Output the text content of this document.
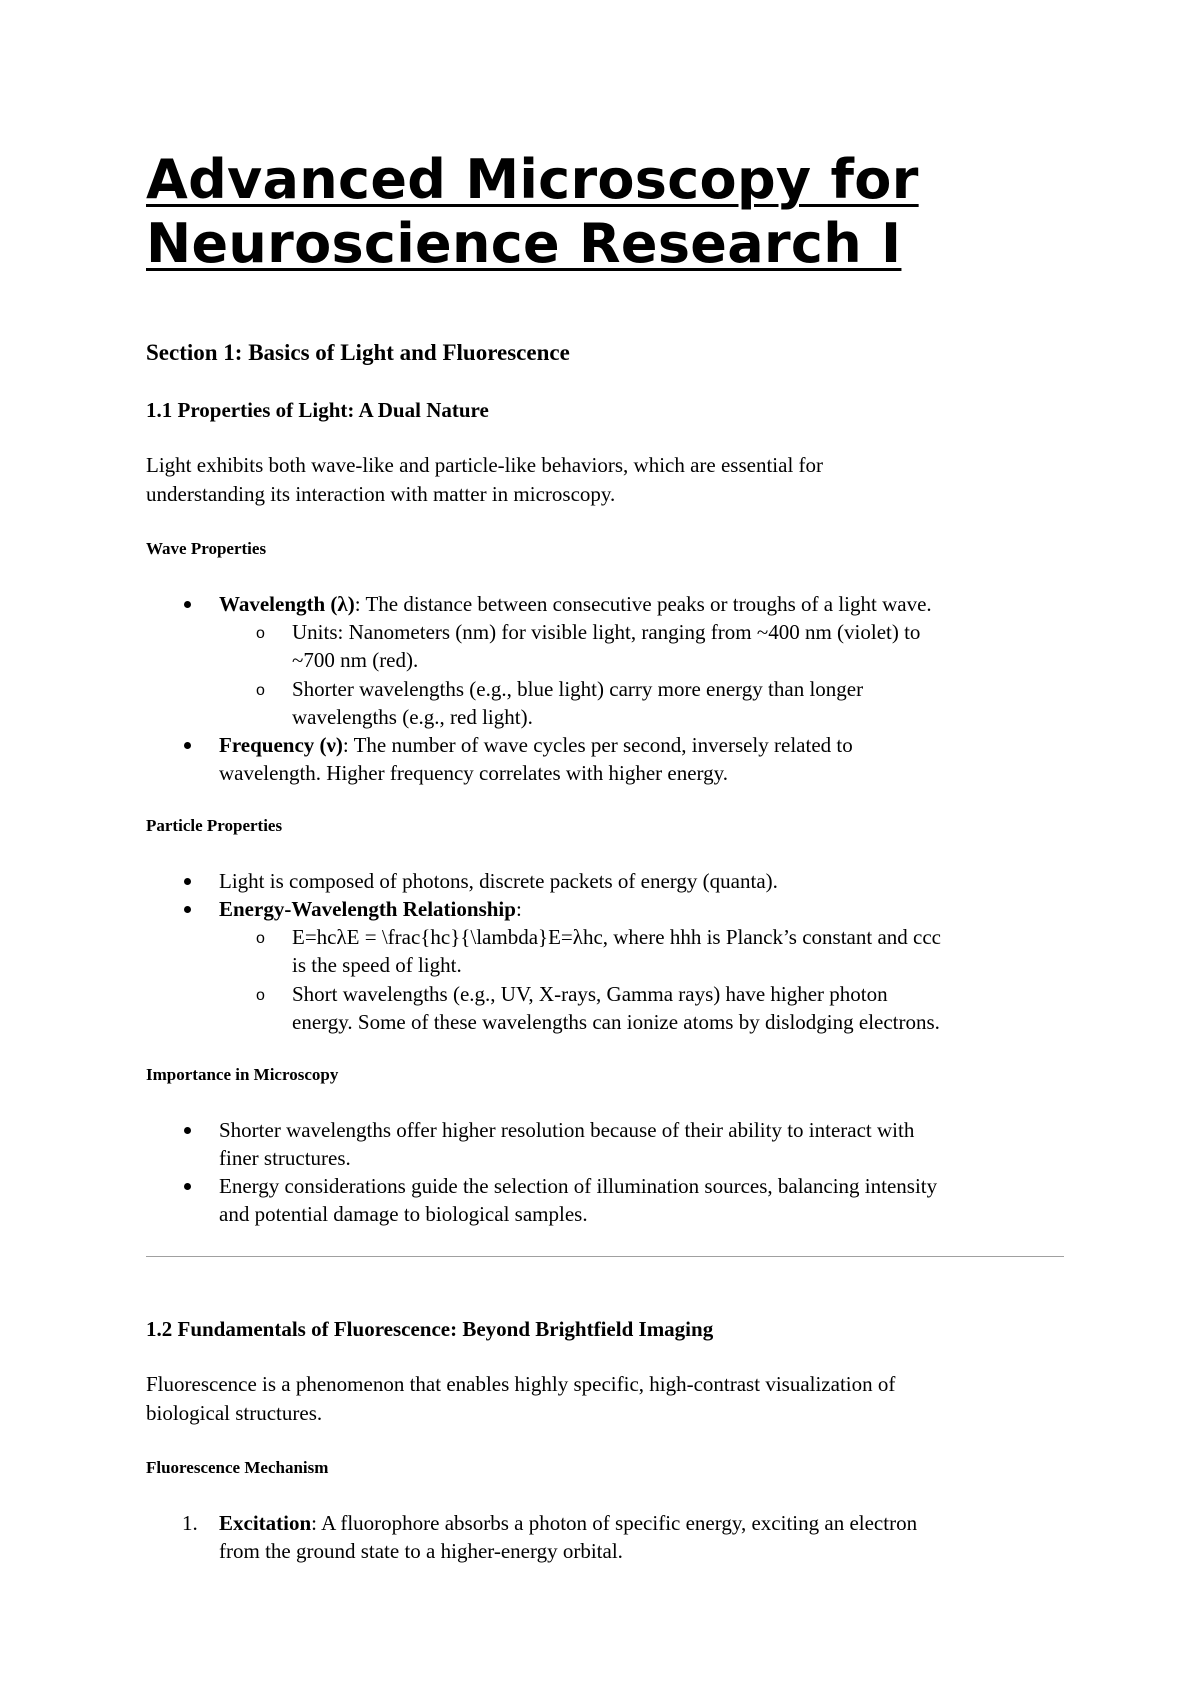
Advanced Microscopy for
Neuroscience Research I
Section 1: Basics of Light and Fluorescence
1.1 Properties of Light: A Dual Nature

Light exhibits both wave-like and particle-like behaviors, which are essential for
understanding its interaction with matter in microscopy.

Wave Properties
Wavelength (λ): The distance between consecutive peaks or troughs of a light wave.
o Units: Nanometers (nm) for visible light, ranging from ~400 nm (violet) to
~700 nm (red).
o Shorter wavelengths (e.g., blue light) carry more energy than longer
wavelengths (e.g., red light).
Frequency (ν): The number of wave cycles per second, inversely related to
wavelength. Higher frequency correlates with higher energy.
Particle Properties
Light is composed of photons, discrete packets of energy (quanta).
Energy-Wavelength Relationship:
o E=hcλE = \frac{hc}{\lambda}E=λhc, where hhh is Planck’s constant and ccc
is the speed of light.
o Short wavelengths (e.g., UV, X-rays, Gamma rays) have higher photon
energy. Some of these wavelengths can ionize atoms by dislodging electrons.
Importance in Microscopy
Shorter wavelengths offer higher resolution because of their ability to interact with
finer structures.
Energy considerations guide the selection of illumination sources, balancing intensity
and potential damage to biological samples.
1.2 Fundamentals of Fluorescence: Beyond Brightfield Imaging

Fluorescence is a phenomenon that enables highly specific, high-contrast visualization of
biological structures.

Fluorescence Mechanism
1. Excitation: A fluorophore absorbs a photon of specific energy, exciting an electron
from the ground state to a higher-energy orbital.
